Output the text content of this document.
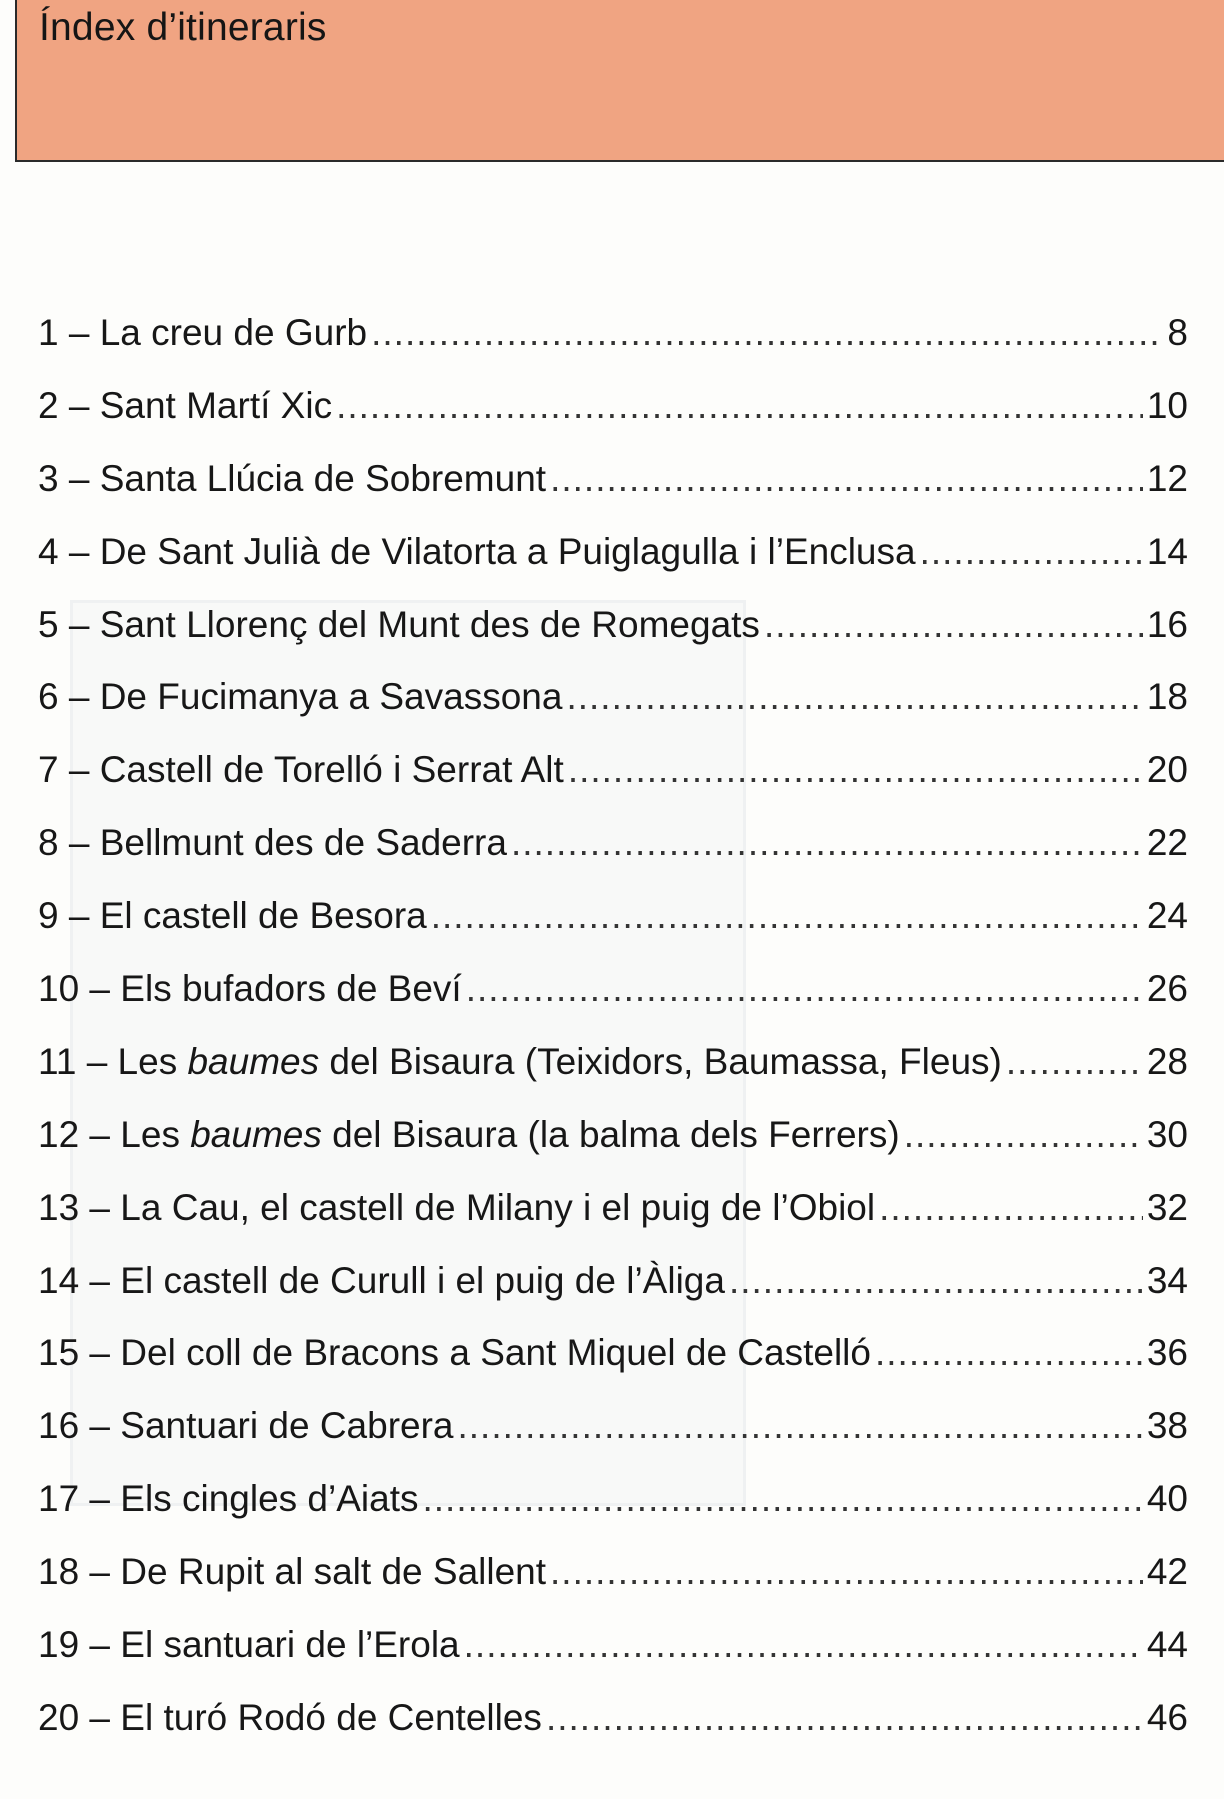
Índex d’itineraris
1 – La creu de Gurb .....	8
2 – Sant Martí Xic .....	10
3 – Santa Llúcia de Sobremunt .....	12
4 – De Sant Julià de Vilatorta a Puiglagulla i l’Enclusa .....	14
5 – Sant Llorenç del Munt des de Romegats .....	16
6 – De Fucimanya a Savassona .....	18
7 – Castell de Torelló i Serrat Alt .....	20
8 – Bellmunt des de Saderra .....	22
9 – El castell de Besora .....	24
10 – Els bufadors de Beví .....	26
11 – Les baumes del Bisaura (Teixidors, Baumassa, Fleus) .....	28
12 – Les baumes del Bisaura (la balma dels Ferrers) .....	30
13 – La Cau, el castell de Milany i el puig de l’Obiol .....	32
14 – El castell de Curull i el puig de l’Àliga .....	34
15 – Del coll de Bracons a Sant Miquel de Castelló .....	36
16 – Santuari de Cabrera .....	38
17 – Els cingles d’Aiats .....	40
18 – De Rupit al salt de Sallent .....	42
19 – El santuari de l’Erola .....	44
20 – El turó Rodó de Centelles .....	46
